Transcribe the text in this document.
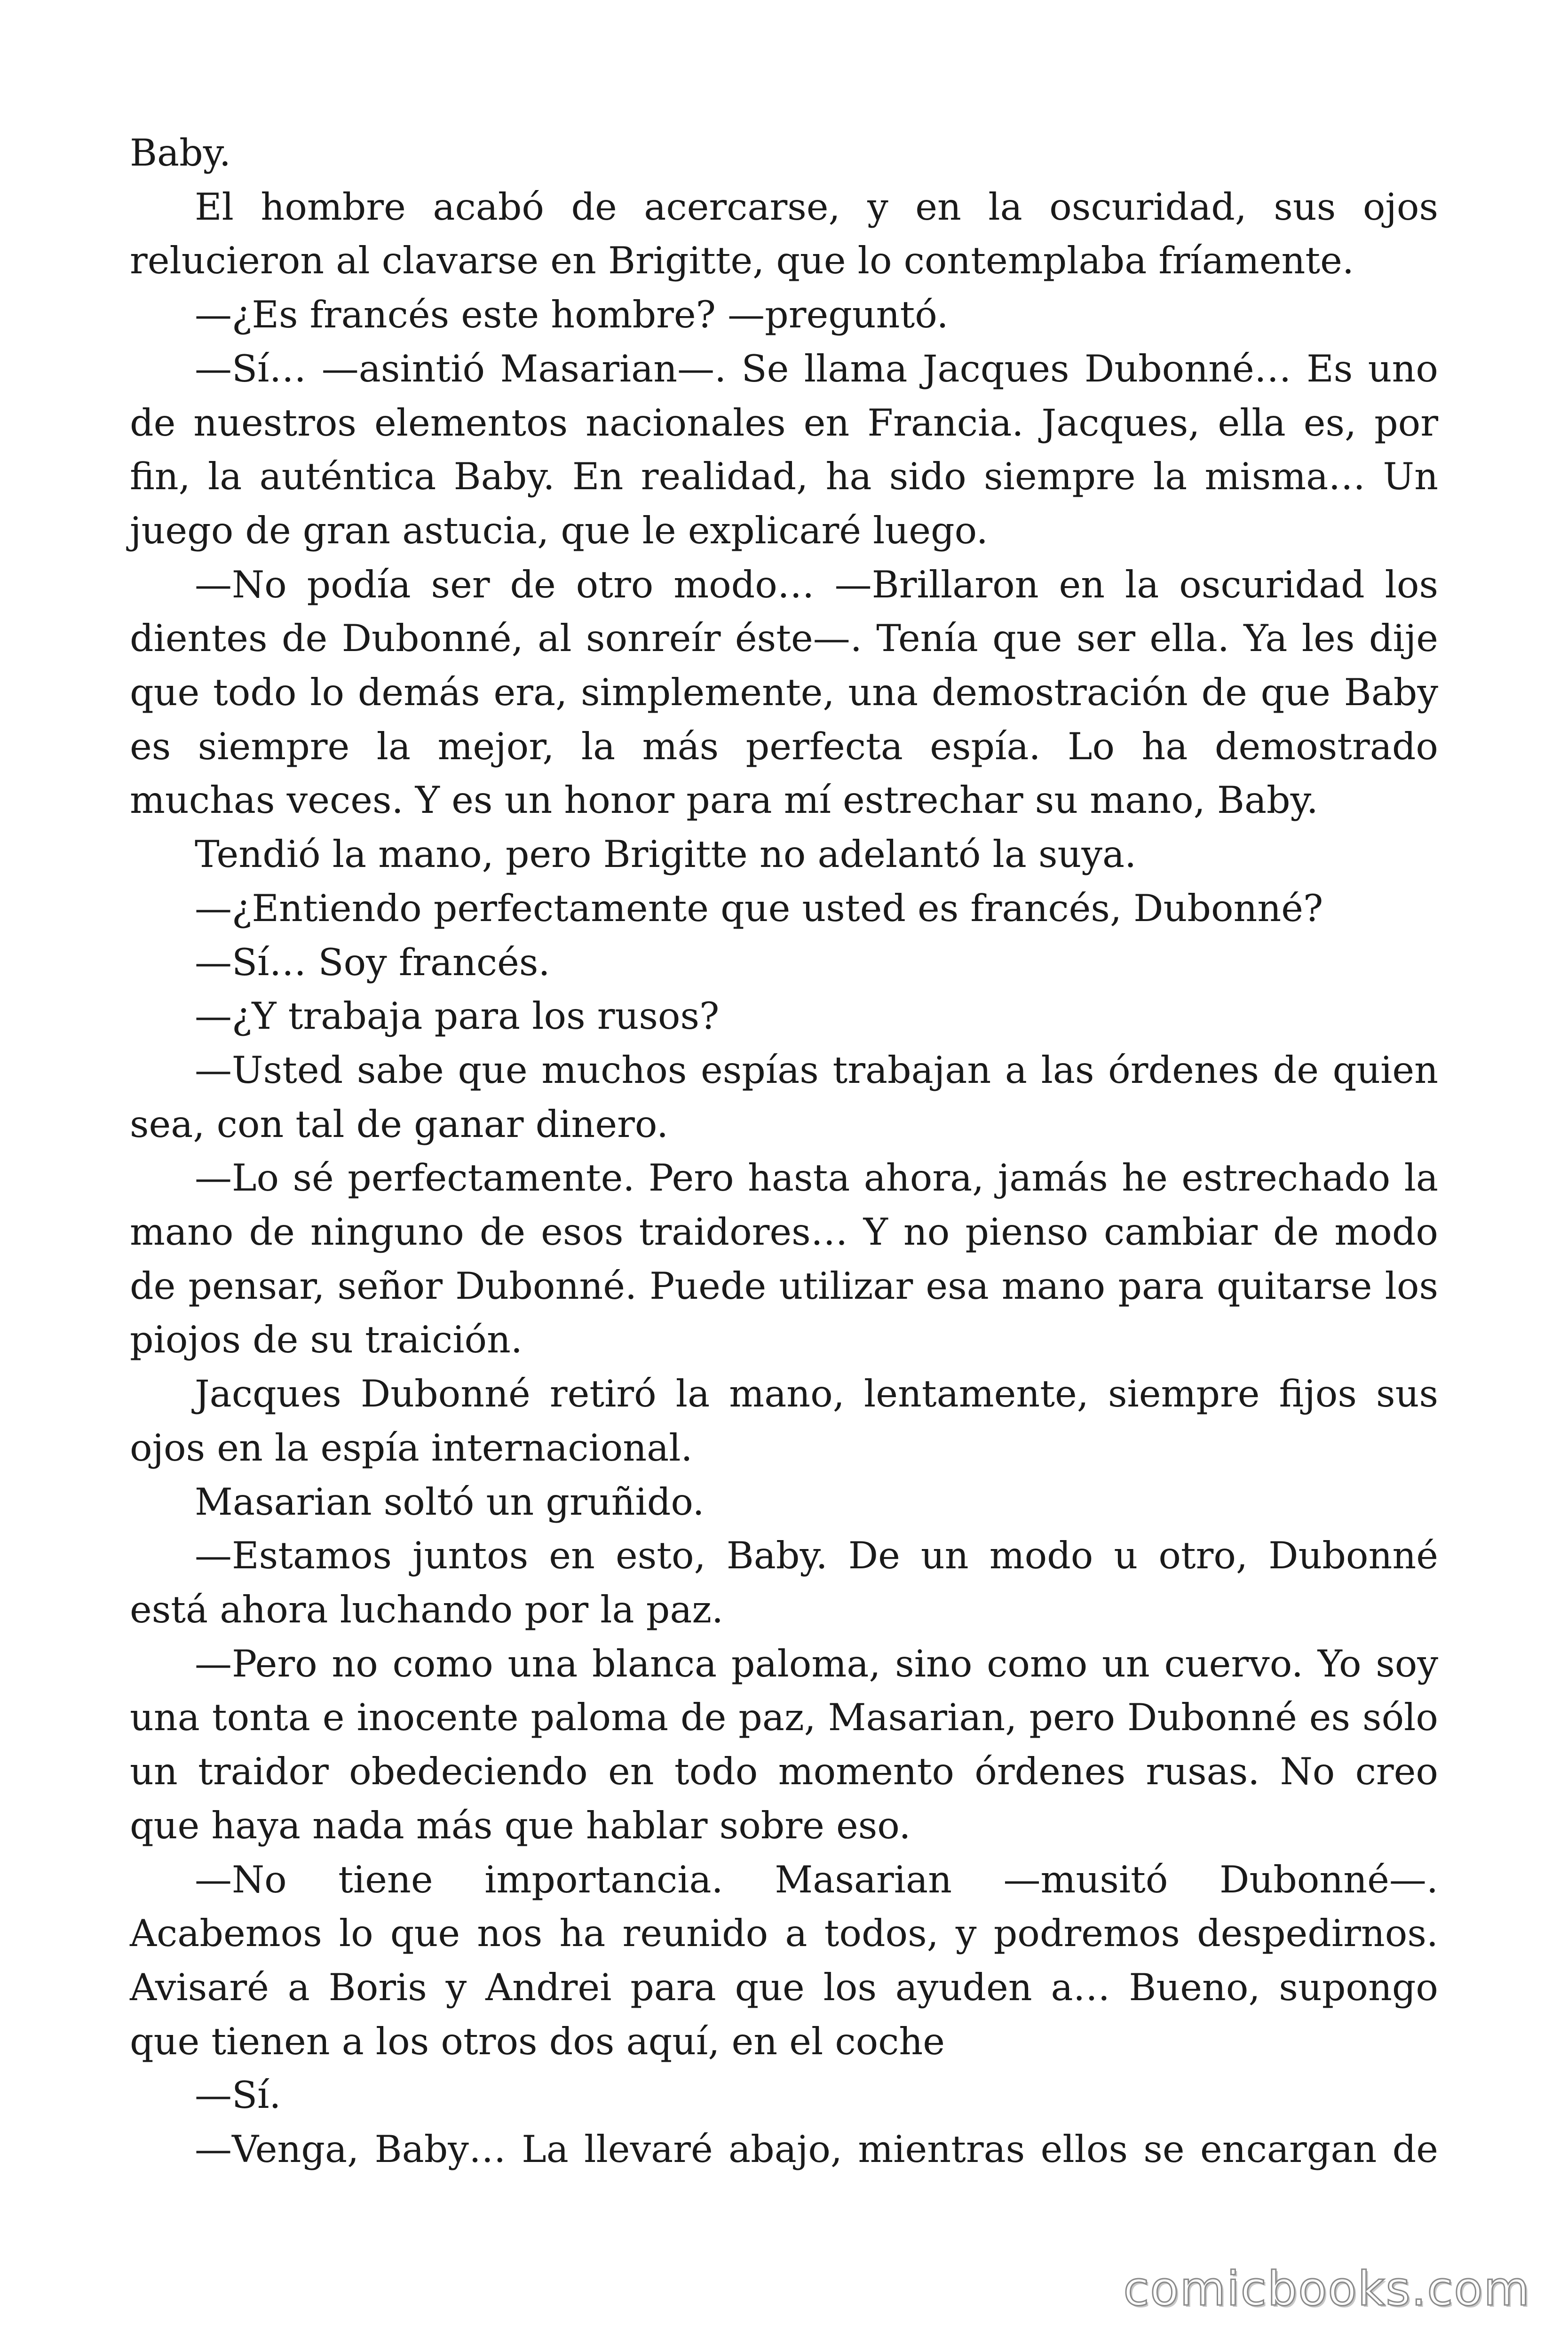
Baby.

El hombre acabó de acercarse, y en la oscuridad, sus ojos relucieron al clavarse en Brigitte, que lo contemplaba fríamente.

—¿Es francés este hombre? —preguntó.

—Sí… —asintió Masarian—. Se llama Jacques Dubonné… Es uno de nuestros elementos nacionales en Francia. Jacques, ella es, por fin, la auténtica Baby. En realidad, ha sido siempre la misma… Un juego de gran astucia, que le explicaré luego.

—No podía ser de otro modo… —Brillaron en la oscuridad los dientes de Dubonné, al sonreír éste—. Tenía que ser ella. Ya les dije que todo lo demás era, simplemente, una demostración de que Baby es siempre la mejor, la más perfecta espía. Lo ha demostrado muchas veces. Y es un honor para mí estrechar su mano, Baby.

Tendió la mano, pero Brigitte no adelantó la suya.

—¿Entiendo perfectamente que usted es francés, Dubonné?

—Sí… Soy francés.

—¿Y trabaja para los rusos?

—Usted sabe que muchos espías trabajan a las órdenes de quien sea, con tal de ganar dinero.

—Lo sé perfectamente. Pero hasta ahora, jamás he estrechado la mano de ninguno de esos traidores… Y no pienso cambiar de modo de pensar, señor Dubonné. Puede utilizar esa mano para quitarse los piojos de su traición.

Jacques Dubonné retiró la mano, lentamente, siempre fijos sus ojos en la espía internacional.

Masarian soltó un gruñido.

—Estamos juntos en esto, Baby. De un modo u otro, Dubonné está ahora luchando por la paz.

—Pero no como una blanca paloma, sino como un cuervo. Yo soy una tonta e inocente paloma de paz, Masarian, pero Dubonné es sólo un traidor obedeciendo en todo momento órdenes rusas. No creo que haya nada más que hablar sobre eso.

—No tiene importancia. Masarian —musitó Dubonné—. Acabemos lo que nos ha reunido a todos, y podremos despedirnos. Avisaré a Boris y Andrei para que los ayuden a… Bueno, supongo que tienen a los otros dos aquí, en el coche

—Sí.

—Venga, Baby… La llevaré abajo, mientras ellos se encargan de

comicbooks.com
